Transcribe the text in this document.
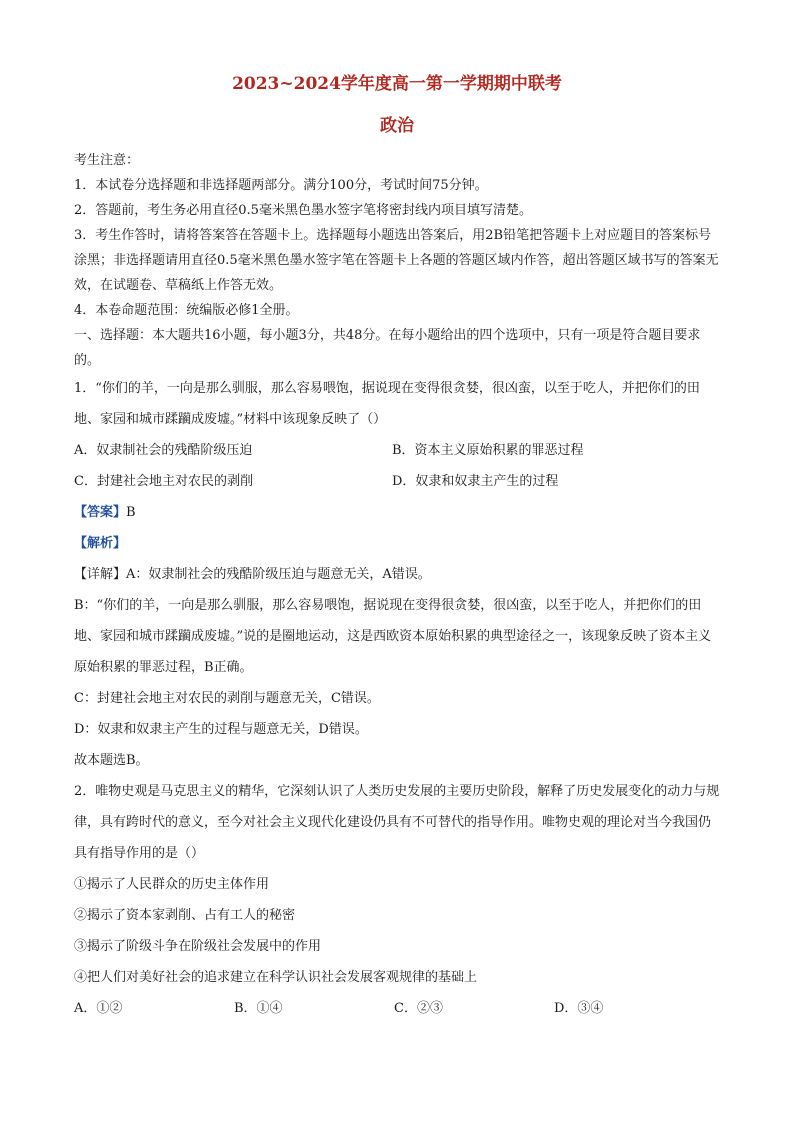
2023~2024学年度高一第一学期期中联考
政治

考生注意：

1．本试卷分选择题和非选择题两部分。满分100分，考试时间75分钟。

2．答题前，考生务必用直径0.5毫米黑色墨水签字笔将密封线内项目填写清楚。

3．考生作答时，请将答案答在答题卡上。选择题每小题选出答案后，用2B铅笔把答题卡上对应题目的答案标号涂黑；非选择题请用直径0.5毫米黑色墨水签字笔在答题卡上各题的答题区域内作答，超出答题区域书写的答案无效，在试题卷、草稿纸上作答无效。

4．本卷命题范围：统编版必修1全册。

一、选择题：本大题共16小题，每小题3分，共48分。在每小题给出的四个选项中，只有一项是符合题目要求的。

1．“你们的羊，一向是那么驯服，那么容易喂饱，据说现在变得很贪婪，很凶蛮，以至于吃人，并把你们的田地、家园和城市蹂躏成废墟。”材料中该现象反映了（）

A．奴隶制社会的残酷阶级压迫	B．资本主义原始积累的罪恶过程
C．封建社会地主对农民的剥削	D．奴隶和奴隶主产生的过程

【答案】B

【解析】

【详解】A：奴隶制社会的残酷阶级压迫与题意无关，A错误。

B：“你们的羊，一向是那么驯服，那么容易喂饱，据说现在变得很贪婪，很凶蛮，以至于吃人，并把你们的田地、家园和城市蹂躏成废墟。”说的是圈地运动，这是西欧资本原始积累的典型途径之一，该现象反映了资本主义原始积累的罪恶过程，B正确。

C：封建社会地主对农民的剥削与题意无关，C错误。

D：奴隶和奴隶主产生的过程与题意无关，D错误。

故本题选B。

2．唯物史观是马克思主义的精华，它深刻认识了人类历史发展的主要历史阶段，解释了历史发展变化的动力与规律，具有跨时代的意义，至今对社会主义现代化建设仍具有不可替代的指导作用。唯物史观的理论对当今我国仍具有指导作用的是（）

①揭示了人民群众的历史主体作用

②揭示了资本家剥削、占有工人的秘密

③揭示了阶级斗争在阶级社会发展中的作用

④把人们对美好社会的追求建立在科学认识社会发展客观规律的基础上

A．①②	B．①④	C．②③	D．③④
